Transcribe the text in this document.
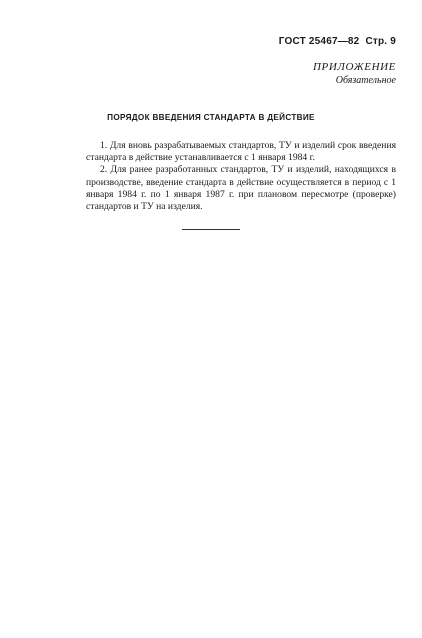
ГОСТ 25467—82 Стр. 9
ПРИЛОЖЕНИЕ
Обязательное
ПОРЯДОК ВВЕДЕНИЯ СТАНДАРТА В ДЕЙСТВИЕ

1. Для вновь разрабатываемых стандартов, ТУ и изделий срок введения стандарта в действие устанавливается с 1 января 1984 г.

2. Для ранее разработанных стандартов, ТУ и изделий, находящихся в производстве, введение стандарта в действие осуществляется в период с 1 января 1984 г. по 1 января 1987 г. при плановом пересмотре (проверке) стандартов и ТУ на изделия.
